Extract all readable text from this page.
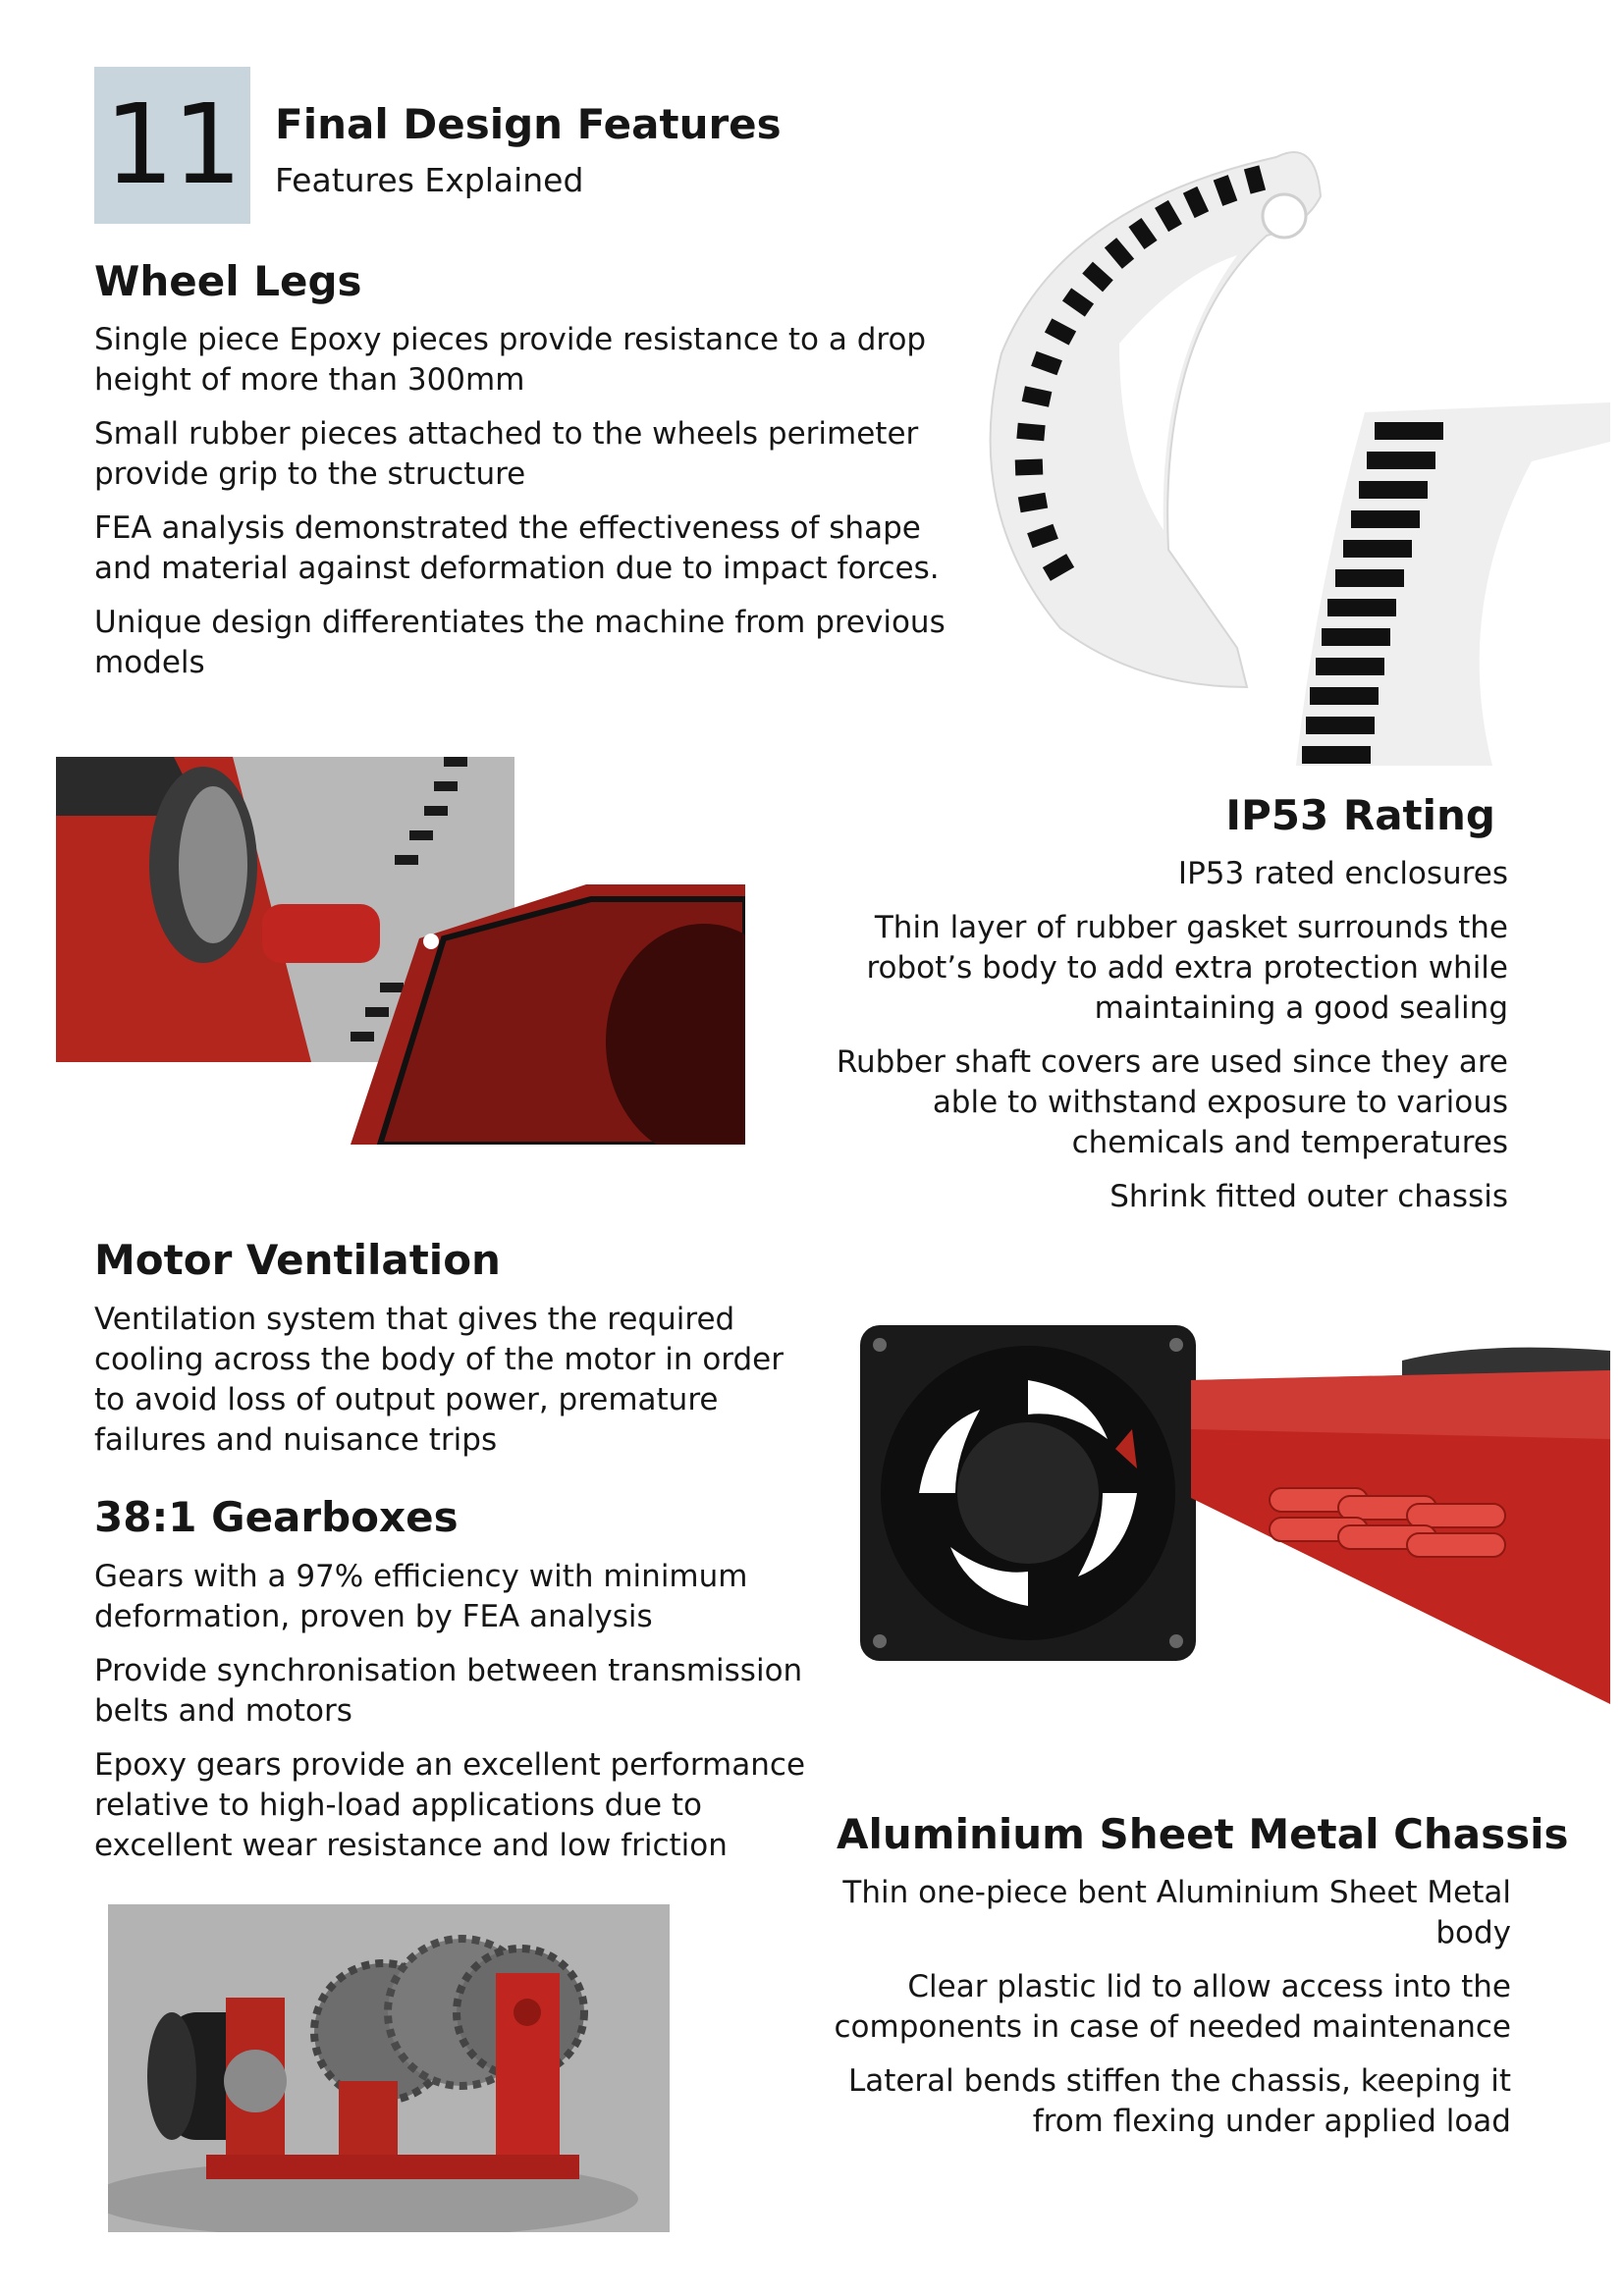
11 Final Design Features
Features Explained
Wheel Legs

Single piece Epoxy pieces provide resistance to a drop height of more than 300mm

Small rubber pieces attached to the wheels perimeter provide grip to the structure

FEA analysis demonstrated the effectiveness of shape and material against deformation due to impact forces.

Unique design differentiates the machine from previous models

IP53 Rating

IP53 rated enclosures

Thin layer of rubber gasket surrounds the robot’s body to add extra protection while maintaining a good sealing

Rubber shaft covers are used since they are able to withstand exposure to various chemicals and temperatures

Shrink fitted outer chassis

Motor Ventilation

Ventilation system that gives the required cooling across the body of the motor in order to avoid loss of output power, premature failures and nuisance trips

38:1 Gearboxes

Gears with a 97% efficiency with minimum deformation, proven by FEA analysis

Provide synchronisation between transmission belts and motors

Epoxy gears provide an excellent performance relative to high-load applications due to excellent wear resistance and low friction	Aluminium Sheet Metal Chassis

Thin one-piece bent Aluminium Sheet Metal body

Clear plastic lid to allow access into the components in case of needed maintenance

Lateral bends stiffen the chassis, keeping it from flexing under applied load
